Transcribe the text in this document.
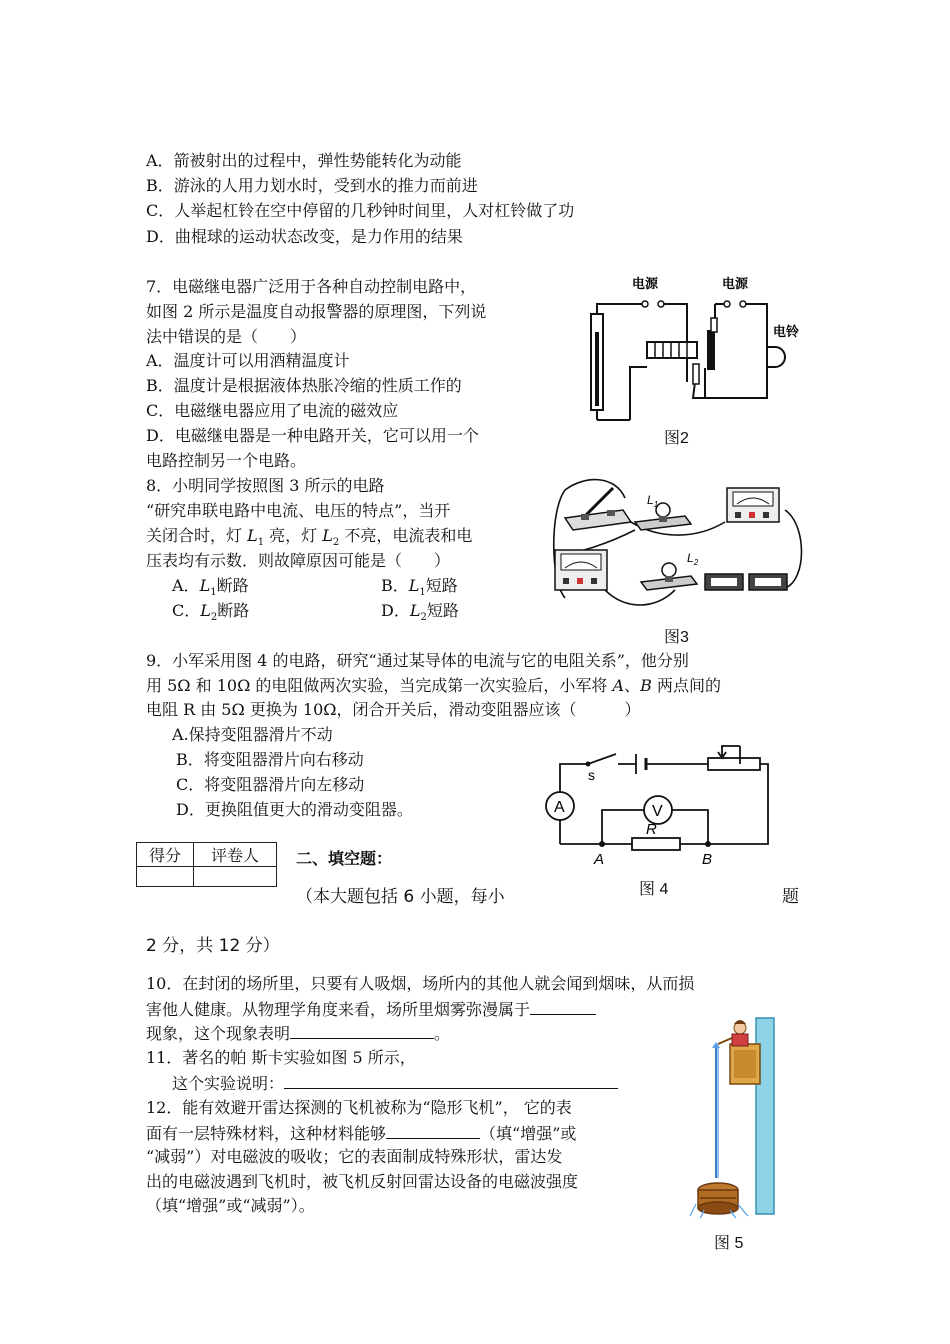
A．箭被射出的过程中，弹性势能转化为动能
B．游泳的人用力划水时，受到水的推力而前进
C．人举起杠铃在空中停留的几秒钟时间里，人对杠铃做了功
D．曲棍球的运动状态改变，是力作用的结果
7．电磁继电器广泛用于各种自动控制电路中，
如图 2 所示是温度自动报警器的原理图，下列说
法中错误的是（　　）
A．温度计可以用酒精温度计
B．温度计是根据液体热胀冷缩的性质工作的
C．电磁继电器应用了电流的磁效应
D．电磁继电器是一种电路开关，它可以用一个
电路控制另一个电路。
电源	电源
电铃
图2
8．小明同学按照图 3 所示的电路
“研究串联电路中电流、电压的特点”，当开
关闭合时，灯 $L_1$ 亮，灯 $L_2$ 不亮，电流表和电
压表均有示数．则故障原因可能是（　　）
A．$L_1$断路	B．$L_1$短路
C．$L_2$断路	D．$L_2$短路
$L_1$
$L_2$
图3
9．小军采用图 4 的电路，研究“通过某导体的电流与它的电阻关系”，他分别
用 5Ω 和 10Ω 的电阻做两次实验，当完成第一次实验后，小军将 A、B 两点间的
电阻 R 由 5Ω 更换为 10Ω，闭合开关后，滑动变阻器应该（　　　）
A.保持变阻器滑片不动
B．将变阻器滑片向右移动
C．将变阻器滑片向左移动
D．更换阻值更大的滑动变阻器。	A	V
s
R
A	B
图 4
得分	评卷人
	二、填空题：
（本大题包括 6 小题，每小	题
2 分，共 12 分）
10．在封闭的场所里，只要有人吸烟，场所内的其他人就会闻到烟味，从而损
害他人健康。从物理学角度来看，场所里烟雾弥漫属于
现象，这个现象表明	。
11．著名的帕 斯卡实验如图 5 所示，
这个实验说明：
12．能有效避开雷达探测的飞机被称为“隐形飞机”， 它的表
面有一层特殊材料，这种材料能够	（填“增强”或
“减弱”）对电磁波的吸收；它的表面制成特殊形状，雷达发
出的电磁波遇到飞机时，被飞机反射回雷达设备的电磁波强度
（填“增强”或“减弱”）。
图 5
